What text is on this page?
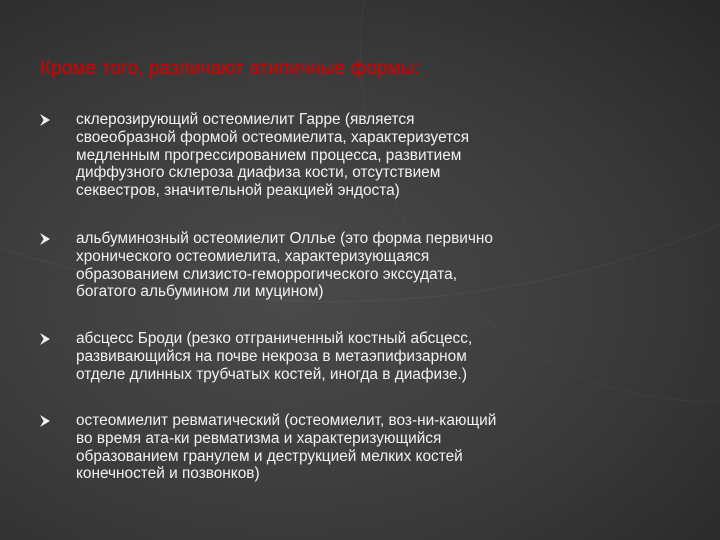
Кроме того, различают атипичные формы:
склерозирующий остеомиелит Гарре (является
своеобразной формой остеомиелита, характеризуется
медленным прогрессированием процесса, развитием
диффузного склероза диафиза кости, отсутствием
секвестров, значительной реакцией эндоста)
альбуминозный остеомиелит Оллье (это форма первично
хронического остеомиелита, характеризующаяся
образованием слизисто-геморрогического экссудата,
богатого альбумином ли муцином)
абсцесс Броди (резко отграниченный костный абсцесс,
развивающийся на почве некроза в метаэпифизарном
отделе длинных трубчатых костей, иногда в диафизе.)
остеомиелит ревматический (остеомиелит, воз-ни-кающий
во время ата-ки ревматизма и характеризующийся
образованием гранулем и деструкцией мелких костей
конечностей и позвонков)
